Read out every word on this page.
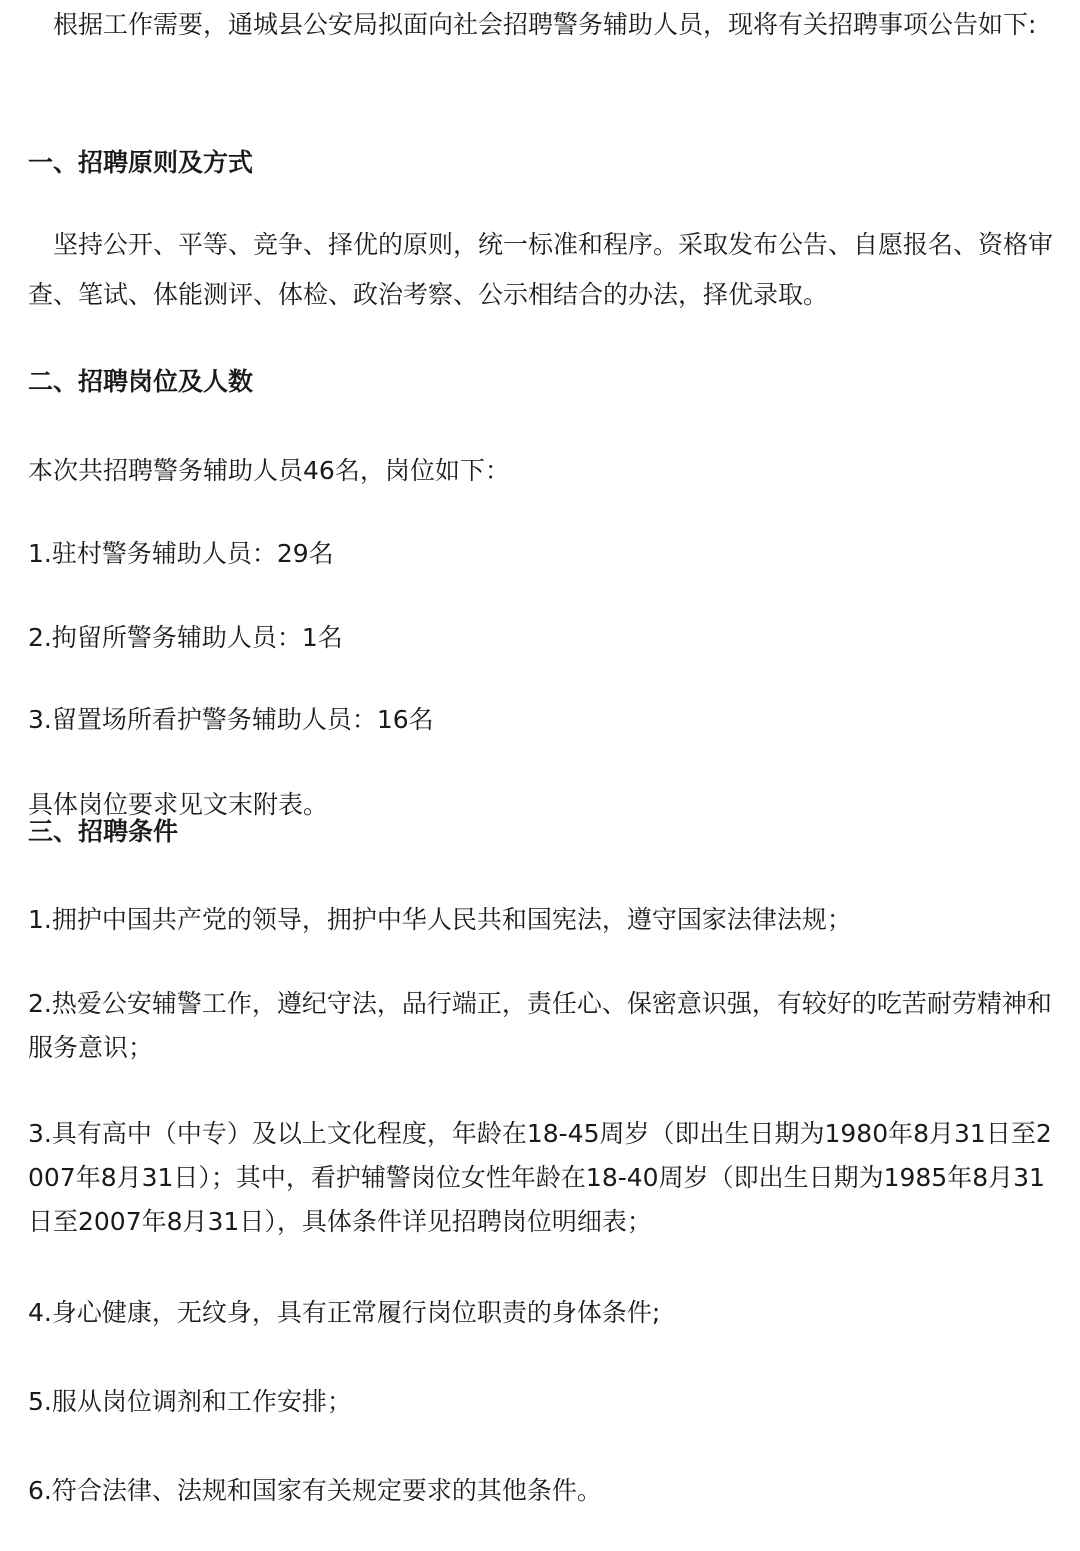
根据工作需要，通城县公安局拟面向社会招聘警务辅助人员，现将有关招聘事项公告如下:

一、招聘原则及方式

坚持公开、平等、竞争、择优的原则，统一标准和程序。采取发布公告、自愿报名、资格审查、笔试、体能测评、体检、政治考察、公示相结合的办法，择优录取。

二、招聘岗位及人数

本次共招聘警务辅助人员46名，岗位如下：

1.驻村警务辅助人员：29名

2.拘留所警务辅助人员：1名

3.留置场所看护警务辅助人员：16名

具体岗位要求见文末附表。

三、招聘条件

1.拥护中国共产党的领导，拥护中华人民共和国宪法，遵守国家法律法规；

2.热爱公安辅警工作，遵纪守法，品行端正，责任心、保密意识强，有较好的吃苦耐劳精神和服务意识；

3.具有高中（中专）及以上文化程度，年龄在18-45周岁（即出生日期为1980年8月31日至2007年8月31日）；其中，看护辅警岗位女性年龄在18-40周岁（即出生日期为1985年8月31日至2007年8月31日），具体条件详见招聘岗位明细表；

4.身心健康，无纹身，具有正常履行岗位职责的身体条件;

5.服从岗位调剂和工作安排；

6.符合法律、法规和国家有关规定要求的其他条件。
